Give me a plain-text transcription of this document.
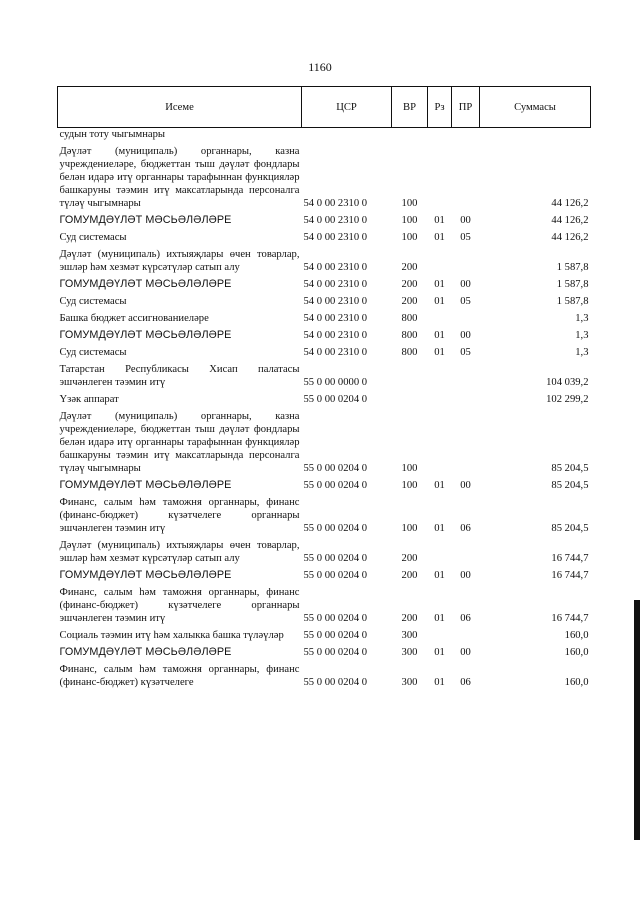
1160
Исеме	ЦСР	ВР	Рз	ПР	Суммасы
судын тоту чыгымнары					
Дәүләт (муниципаль) органнары, казна учреждениеләре, бюджеттан тыш дәүләт фондлары белән идарә итү органнары тарафыннан функцияләр башкаруны тәэмин итү максатларында персоналга түләү чыгымнары	54 0 00 2310 0	100			44 126,2
ГОМУМДӘҮЛӘТ МӘСЬӘЛӘЛӘРЕ	54 0 00 2310 0	100	01	00	44 126,2
Суд системасы	54 0 00 2310 0	100	01	05	44 126,2
Дәүләт (муниципаль) ихтыяҗлары өчен товарлар, эшләр һәм хезмәт күрсәтүләр сатып алу	54 0 00 2310 0	200			1 587,8
ГОМУМДӘҮЛӘТ МӘСЬӘЛӘЛӘРЕ	54 0 00 2310 0	200	01	00	1 587,8
Суд системасы	54 0 00 2310 0	200	01	05	1 587,8
Башка бюджет ассигнованиеләре	54 0 00 2310 0	800			1,3
ГОМУМДӘҮЛӘТ МӘСЬӘЛӘЛӘРЕ	54 0 00 2310 0	800	01	00	1,3
Суд системасы	54 0 00 2310 0	800	01	05	1,3
Татарстан Республикасы Хисап палатасы эшчәнлеген тәэмин итү	55 0 00 0000 0				104 039,2
Үзәк аппарат	55 0 00 0204 0				102 299,2
Дәүләт (муниципаль) органнары, казна учреждениеләре, бюджеттан тыш дәүләт фондлары белән идарә итү органнары тарафыннан функцияләр башкаруны тәэмин итү максатларында персоналга түләү чыгымнары	55 0 00 0204 0	100			85 204,5
ГОМУМДӘҮЛӘТ МӘСЬӘЛӘЛӘРЕ	55 0 00 0204 0	100	01	00	85 204,5
Финанс, салым һәм таможня органнары, финанс (финанс-бюджет) күзәтчелеге органнары эшчәнлеген тәэмин итү	55 0 00 0204 0	100	01	06	85 204,5
Дәүләт (муниципаль) ихтыяҗлары өчен товарлар, эшләр һәм хезмәт күрсәтүләр сатып алу	55 0 00 0204 0	200			16 744,7
ГОМУМДӘҮЛӘТ МӘСЬӘЛӘЛӘРЕ	55 0 00 0204 0	200	01	00	16 744,7
Финанс, салым һәм таможня органнары, финанс (финанс-бюджет) күзәтчелеге органнары эшчәнлеген тәэмин итү	55 0 00 0204 0	200	01	06	16 744,7
Социаль тәэмин итү һәм халыкка башка түләүләр	55 0 00 0204 0	300			160,0
ГОМУМДӘҮЛӘТ МӘСЬӘЛӘЛӘРЕ	55 0 00 0204 0	300	01	00	160,0
Финанс, салым һәм таможня органнары, финанс (финанс-бюджет) күзәтчелеге	55 0 00 0204 0	300	01	06	160,0
